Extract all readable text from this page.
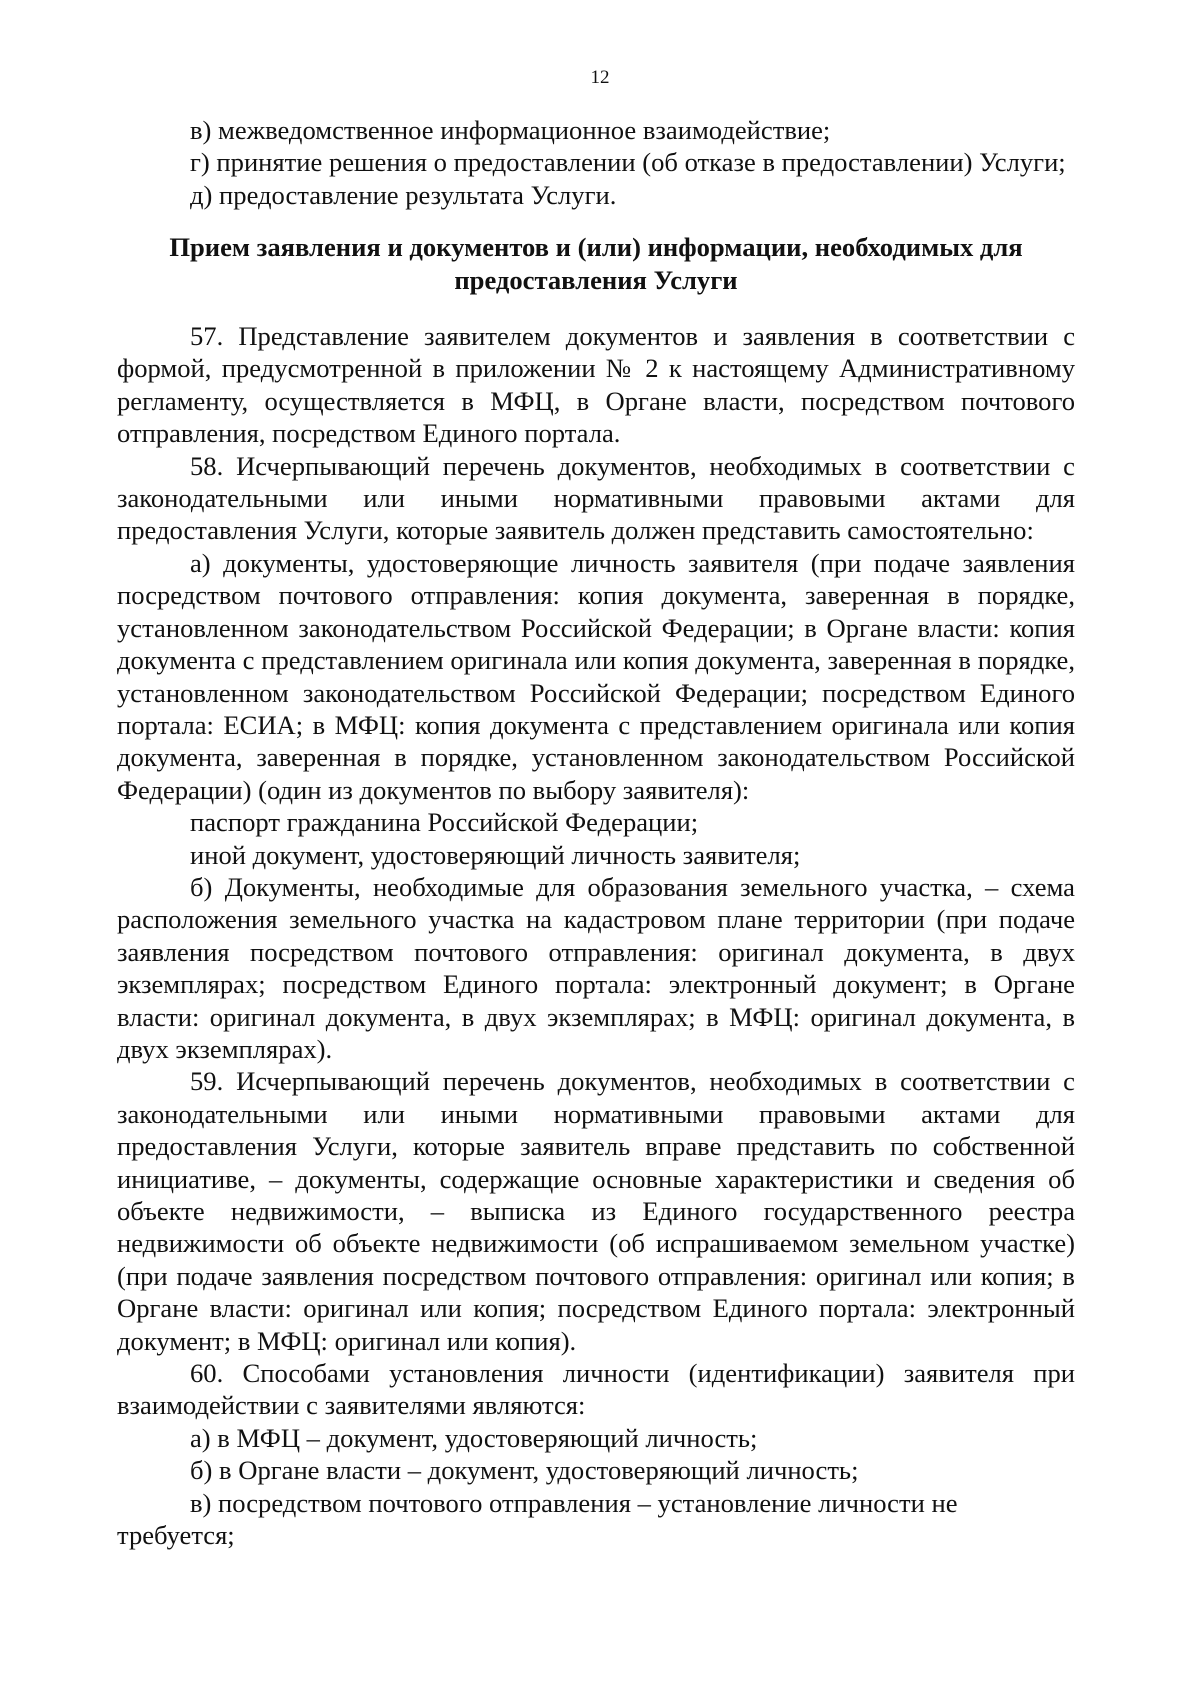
12

в) межведомственное информационное взаимодействие;

г) принятие решения о предоставлении (об отказе в предоставлении) Услуги;

д) предоставление результата Услуги.

Прием заявления и документов и (или) информации, необходимых для предоставления Услуги

57. Представление заявителем документов и заявления в соответствии с формой, предусмотренной в приложении № 2 к настоящему Административному регламенту, осуществляется в МФЦ, в Органе власти, посредством почтового отправления, посредством Единого портала.

58. Исчерпывающий перечень документов, необходимых в соответствии с законодательными или иными нормативными правовыми актами для предоставления Услуги, которые заявитель должен представить самостоятельно:

а) документы, удостоверяющие личность заявителя (при подаче заявления посредством почтового отправления: копия документа, заверенная в порядке, установленном законодательством Российской Федерации; в Органе власти: копия документа с представлением оригинала или копия документа, заверенная в порядке, установленном законодательством Российской Федерации; посредством Единого портала: ЕСИА; в МФЦ: копия документа с представлением оригинала или копия документа, заверенная в порядке, установленном законодательством Российской Федерации) (один из документов по выбору заявителя):

паспорт гражданина Российской Федерации;

иной документ, удостоверяющий личность заявителя;

б) Документы, необходимые для образования земельного участка, – схема расположения земельного участка на кадастровом плане территории (при подаче заявления посредством почтового отправления: оригинал документа, в двух экземплярах; посредством Единого портала: электронный документ; в Органе власти: оригинал документа, в двух экземплярах; в МФЦ: оригинал документа, в двух экземплярах).

59. Исчерпывающий перечень документов, необходимых в соответствии с законодательными или иными нормативными правовыми актами для предоставления Услуги, которые заявитель вправе представить по собственной инициативе, – документы, содержащие основные характеристики и сведения об объекте недвижимости, – выписка из Единого государственного реестра недвижимости об объекте недвижимости (об испрашиваемом земельном участке) (при подаче заявления посредством почтового отправления: оригинал или копия; в Органе власти: оригинал или копия; посредством Единого портала: электронный документ; в МФЦ: оригинал или копия).

60. Способами установления личности (идентификации) заявителя при взаимодействии с заявителями являются:

а) в МФЦ – документ, удостоверяющий личность;

б) в Органе власти – документ, удостоверяющий личность;

в) посредством почтового отправления – установление личности не требуется;
